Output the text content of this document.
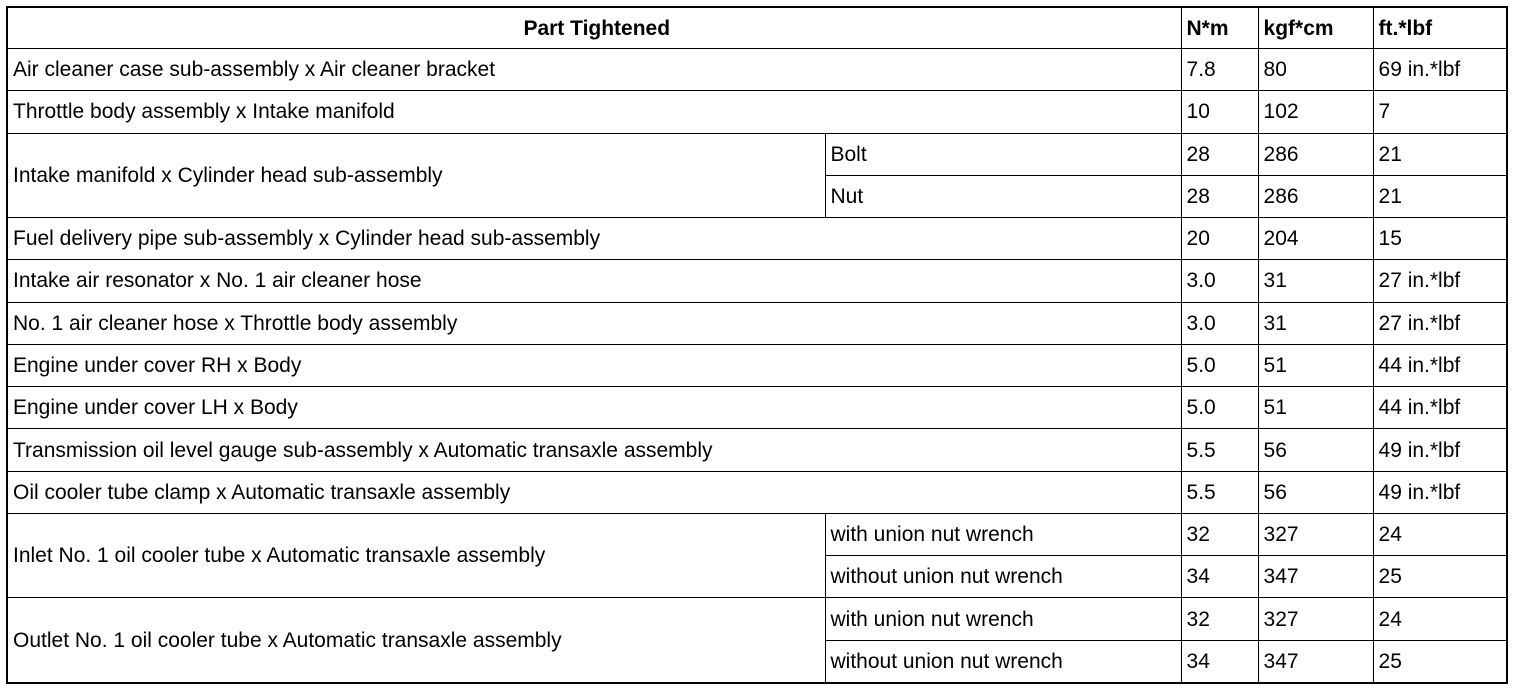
Part Tightened		N*m	kgf*cm	ft.*lbf
Air cleaner case sub-assembly x Air cleaner bracket		7.8	80	69 in.*lbf
Throttle body assembly x Intake manifold		10	102	7
Intake manifold x Cylinder head sub-assembly	Bolt	28	286	21
	Nut	28	286	21
Fuel delivery pipe sub-assembly x Cylinder head sub-assembly		20	204	15
Intake air resonator x No. 1 air cleaner hose		3.0	31	27 in.*lbf
No. 1 air cleaner hose x Throttle body assembly		3.0	31	27 in.*lbf
Engine under cover RH x Body		5.0	51	44 in.*lbf
Engine under cover LH x Body		5.0	51	44 in.*lbf
Transmission oil level gauge sub-assembly x Automatic transaxle assembly		5.5	56	49 in.*lbf
Oil cooler tube clamp x Automatic transaxle assembly		5.5	56	49 in.*lbf
Inlet No. 1 oil cooler tube x Automatic transaxle assembly	with union nut wrench	32	327	24
	without union nut wrench	34	347	25
Outlet No. 1 oil cooler tube x Automatic transaxle assembly	with union nut wrench	32	327	24
	without union nut wrench	34	347	25
